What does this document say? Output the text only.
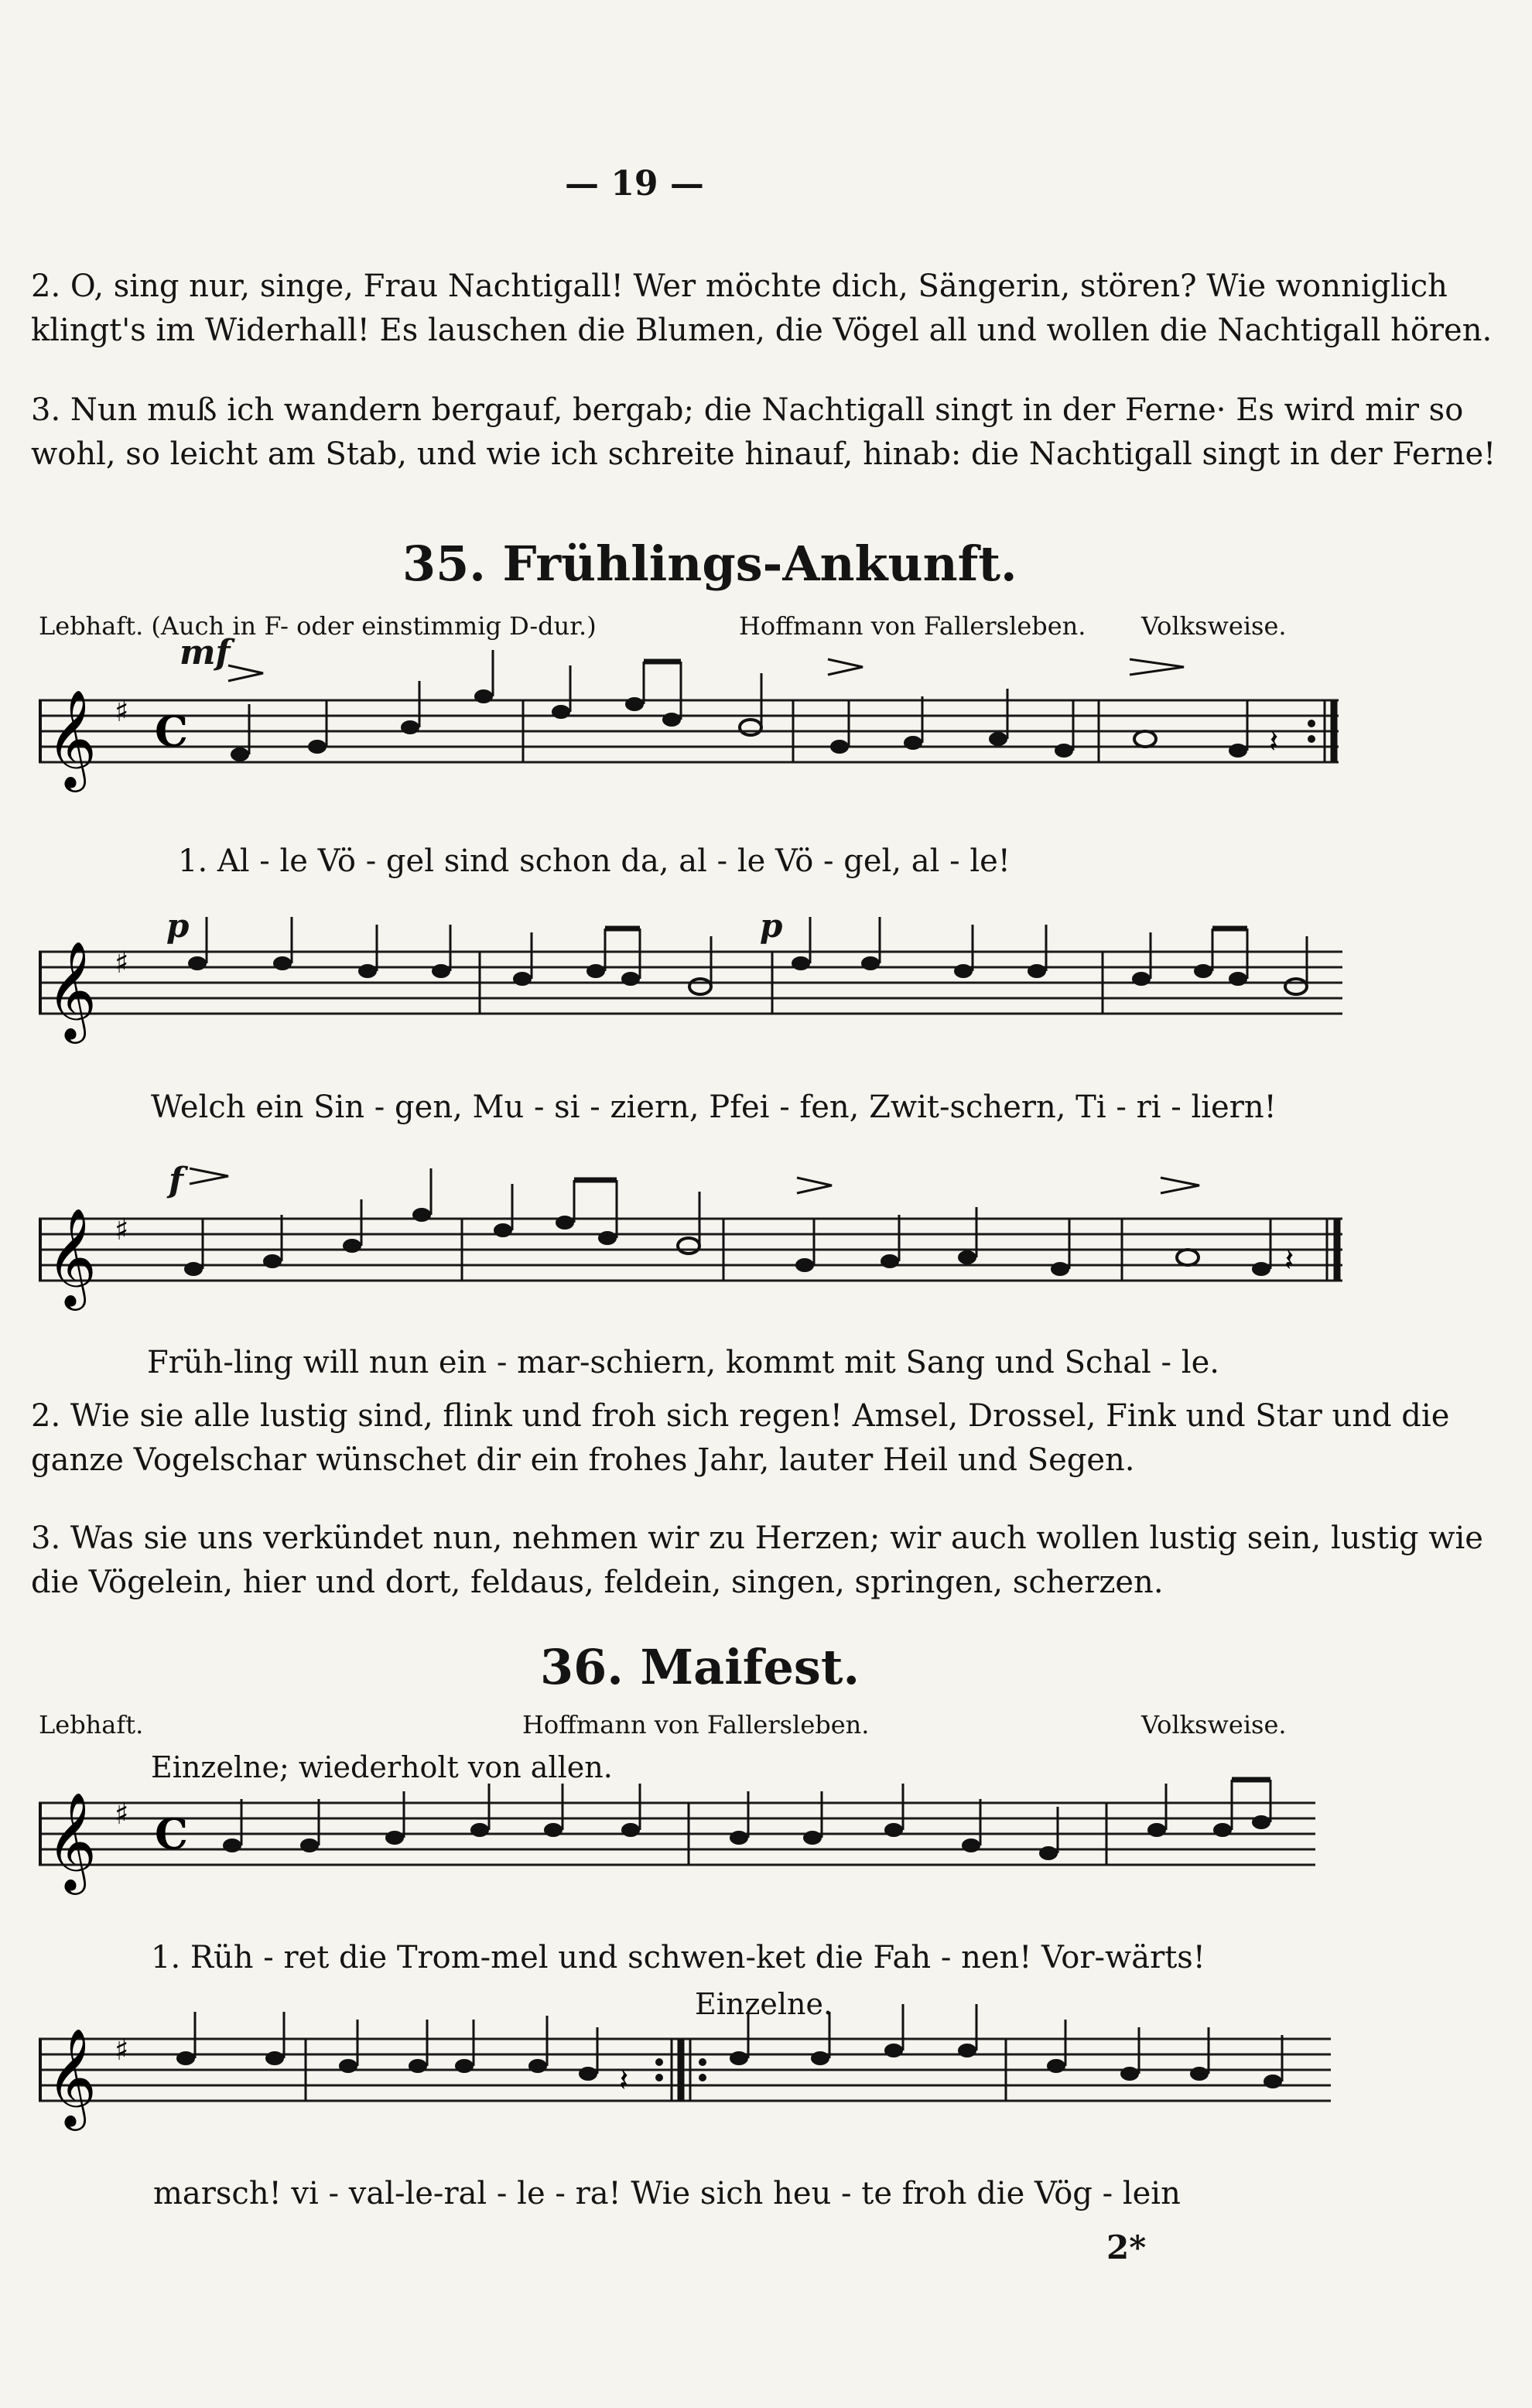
— 19 —
2. O, sing nur, singe, Frau Nachtigall! Wer möchte dich, Sängerin, stören? Wie wonniglich klingt's im Widerhall! Es lauschen die Blumen, die Vögel all und wollen die Nachtigall hören.
3. Nun muß ich wandern bergauf, bergab; die Nachtigall singt in der Ferne· Es wird mir so wohl, so leicht am Stab, und wie ich schreite hinauf, hinab: die Nachtigall singt in der Ferne!
35. Frühlings-Ankunft.
Lebhaft. (Auch in F- oder einstimmig D-dur.)	Hoffmann von Fallersleben. Volksweise.
mf
p	p
f
𝄞 ♯ C	𝄽
1. Al - le Vö - gel sind schon da, al - le Vö - gel, al - le!
𝄞 ♯
Welch ein Sin - gen, Mu - si - ziern, Pfei - fen, Zwit-schern, Ti - ri - liern!
𝄞 ♯
𝄽
Früh-ling will nun ein - mar-schiern, kommt mit Sang und Schal - le.
2. Wie sie alle lustig sind, flink und froh sich regen! Amsel, Drossel, Fink und Star und die ganze Vogelschar wünschet dir ein frohes Jahr, lauter Heil und Segen.
3. Was sie uns verkündet nun, nehmen wir zu Herzen; wir auch wollen lustig sein, lustig wie die Vögelein, hier und dort, feldaus, feldein, singen, springen, scherzen.
36. Maifest.
Lebhaft.	Hoffmann von Fallersleben.	Volksweise.
Einzelne; wiederholt von allen.
𝄞 ♯ C
1. Rüh - ret die Trom-mel und schwen-ket die Fah - nen! Vor-wärts!
Einzelne.
𝄞 ♯
𝄽
marsch! vi - val-le-ral - le - ra! Wie sich heu - te froh die Vög - lein
2*
